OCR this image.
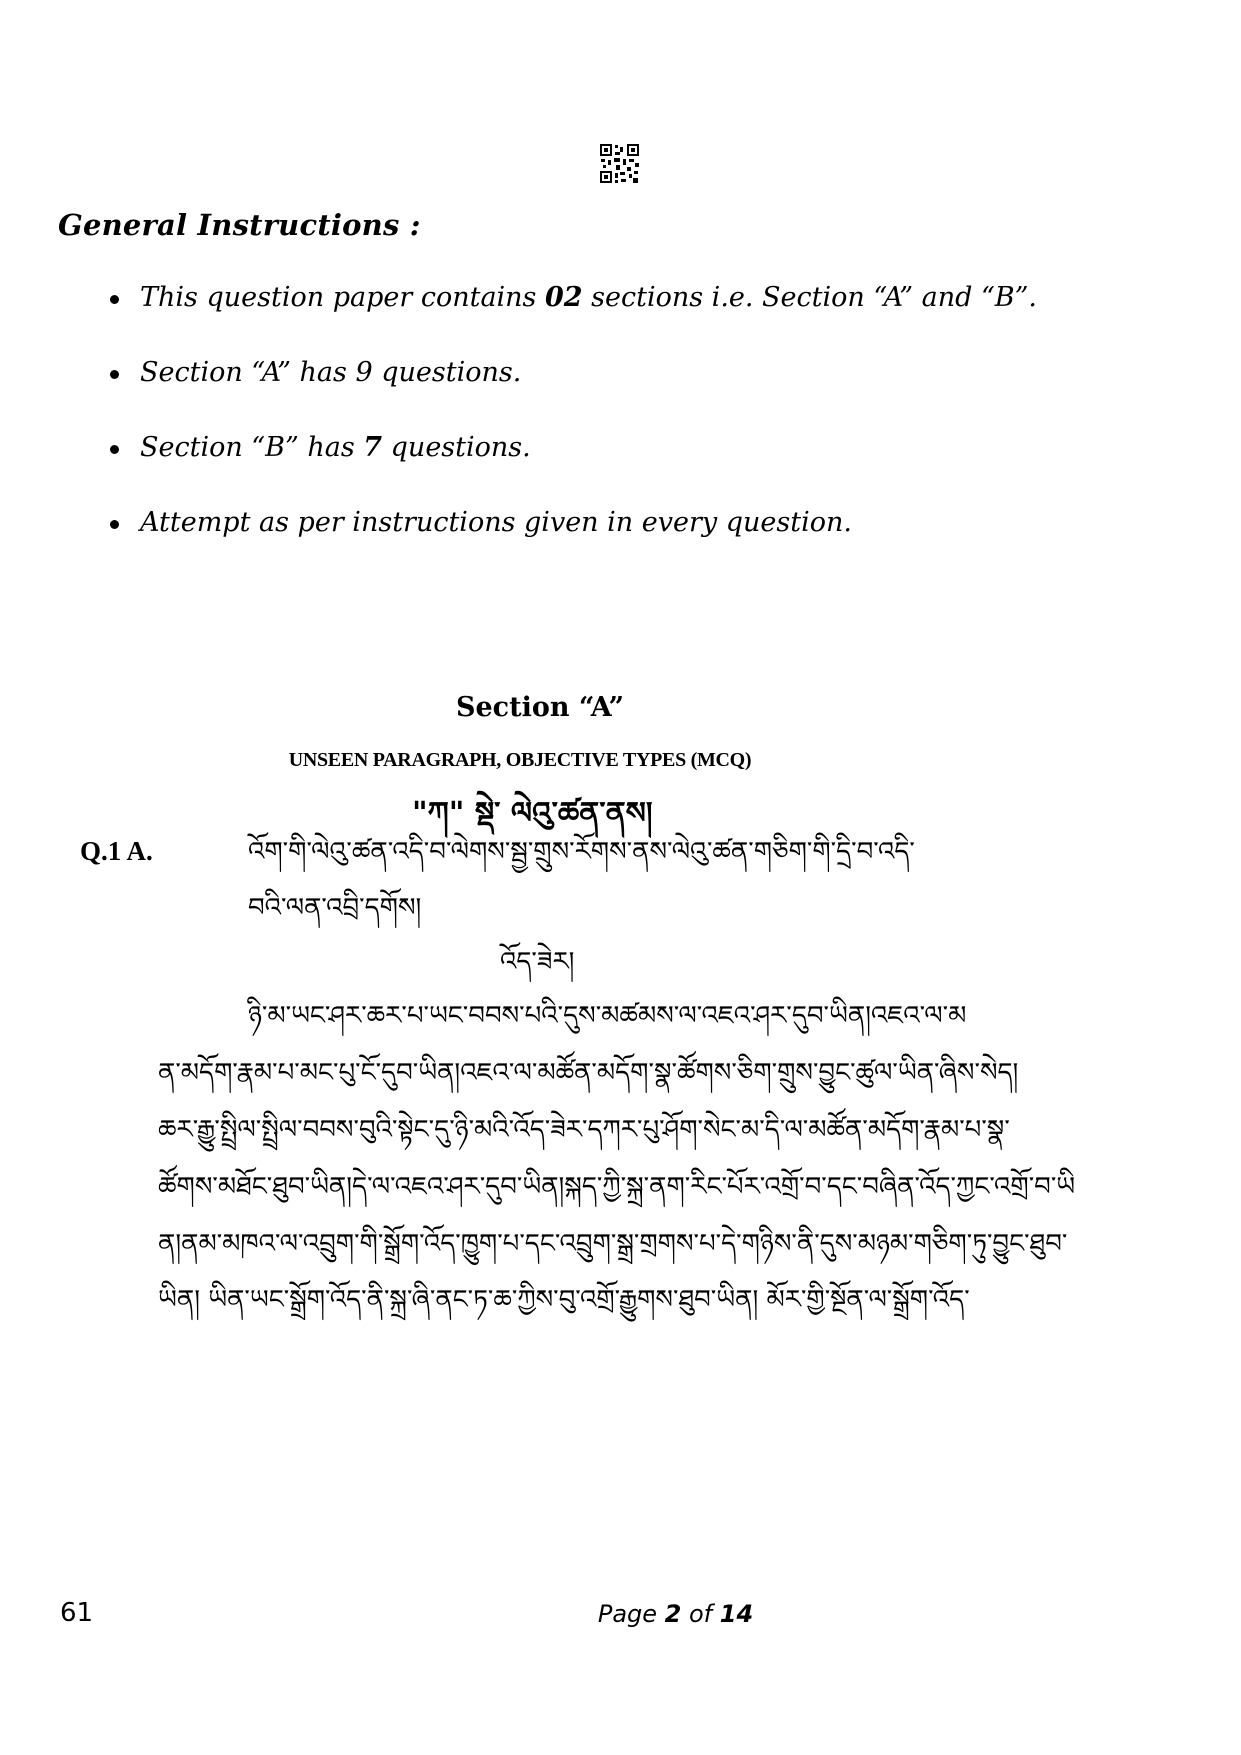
General Instructions :
This question paper contains 02 sections i.e. Section “A” and “B”.
Section “A” has 9 questions.
Section “B” has 7 questions.
Attempt as per instructions given in every question.
Section “A”
UNSEEN PARAGRAPH, OBJECTIVE TYPES (MCQ)
"ཀ" སྡེ་ ལེའུ་ཚན་ནས།
Q.1 A.	འོག་གི་ལེའུ་ཚན་འདི་བ་ལེགས་སྦྱ་གྲུས་རོགས་ནས་ལེའུ་ཚན་གཅིག་གི་དྲི་བ་འདི་
བའི་ལན་འབྲི་དགོས།
འོད་ཟེར།
ཉི་མ་ཡང་ཤར་ཆར་པ་ཡང་བབས་པའི་དུས་མཚམས་ལ་འཇའ་ཤར་དུབ་ཡིན།འཇའ་ལ་མ
ན་མདོག་རྣམ་པ་མང་པུ་ངོ་དུབ་ཡིན།འཇའ་ལ་མཚོན་མདོག་སྣ་ཚོགས་ཅིག་གྲུས་བྱུང་ཚུལ་ཡིན་ཞིས་སེད།
ཆར་རྒྱུ་སྤྲིལ་སྤྲིལ་བབས་བུའི་སྟེང་དུ་ཉི་མའི་འོད་ཟེར་དཀར་པུ་ཤོག་སེང་མ་དི་ལ་མཚོན་མདོག་རྣམ་པ་སྣ་
ཚོགས་མཐོང་ཐུབ་ཡིན།དེ་ལ་འཇའ་ཤར་དུབ་ཡིན།སྐད་ཀྱི་སྐྲ་ནག་རིང་པོར་འགྲོ་བ་དང་བཞིན་འོད་ཀྱང་འགྲོ་བ་ཡི
ན།ནམ་མཁའ་ལ་འབྲུག་གི་སྒྲོག་འོད་ཁྱུག་པ་དང་འབྲུག་སྒྲ་གྲགས་པ་དེ་གཉིས་ནི་དུས་མཉམ་གཅིག་ཏུ་བྱུང་ཐུབ་
ཡིན། ཡིན་ཡང་སྒྲོག་འོད་ནི་སྐྲ་ཞི་ནང་ཏ་ཆ་ཀྱིས་བུ་འགྲོ་རྒྱུགས་ཐུབ་ཡིན། མོར་གྱི་སྔོན་ལ་སྒྲོག་འོད་
61	Page 2 of 14
